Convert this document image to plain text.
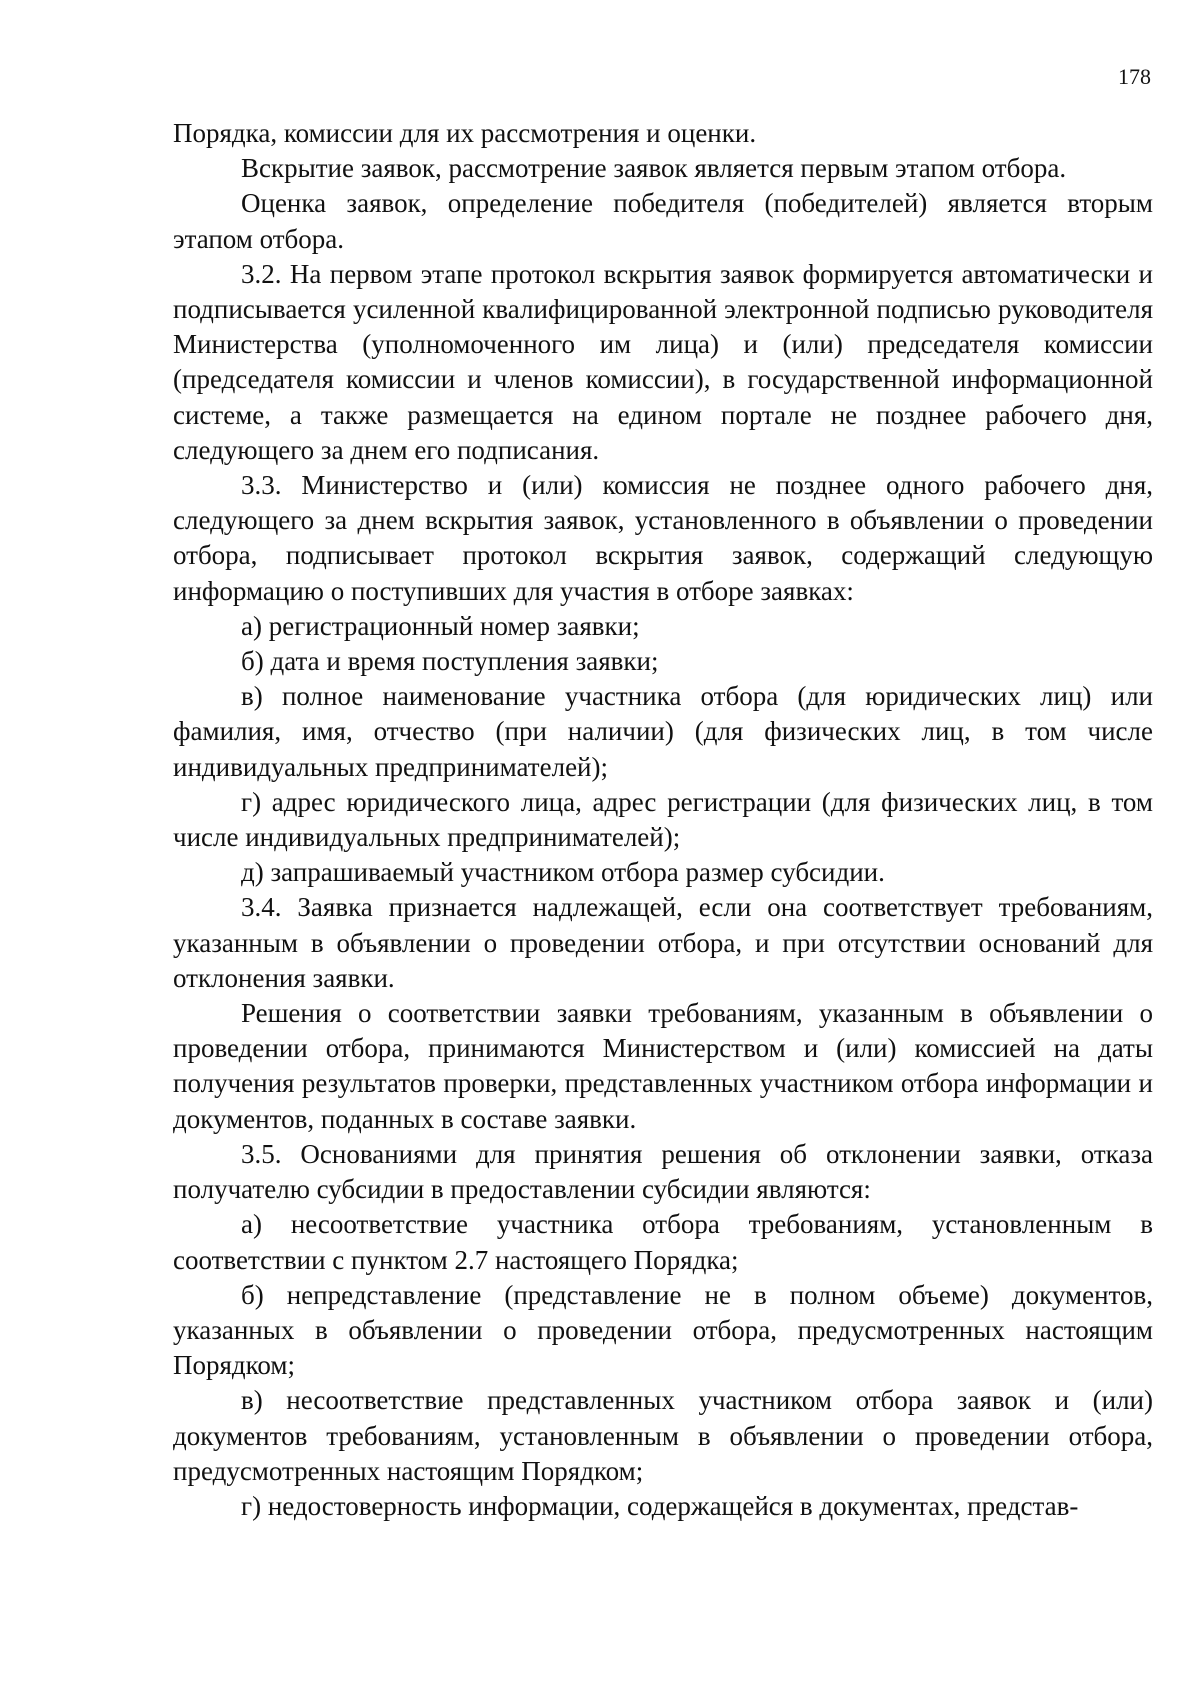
178

Порядка, комиссии для их рассмотрения и оценки.

Вскрытие заявок, рассмотрение заявок является первым этапом отбора.

Оценка заявок, определение победителя (победителей) является вторым этапом отбора.

3.2. На первом этапе протокол вскрытия заявок формируется автоматически и подписывается усиленной квалифицированной электронной подписью руководителя Министерства (уполномоченного им лица) и (или) председателя комиссии (председателя комиссии и членов комиссии), в государственной информационной системе, а также размещается на едином портале не позднее рабочего дня, следующего за днем его подписания.

3.3. Министерство и (или) комиссия не позднее одного рабочего дня, следующего за днем вскрытия заявок, установленного в объявлении о проведении отбора, подписывает протокол вскрытия заявок, содержащий следующую информацию о поступивших для участия в отборе заявках:

а) регистрационный номер заявки;

б) дата и время поступления заявки;

в) полное наименование участника отбора (для юридических лиц) или фамилия, имя, отчество (при наличии) (для физических лиц, в том числе индивидуальных предпринимателей);

г) адрес юридического лица, адрес регистрации (для физических лиц, в том числе индивидуальных предпринимателей);

д) запрашиваемый участником отбора размер субсидии.

3.4. Заявка признается надлежащей, если она соответствует требованиям, указанным в объявлении о проведении отбора, и при отсутствии оснований для отклонения заявки.

Решения о соответствии заявки требованиям, указанным в объявлении о проведении отбора, принимаются Министерством и (или) комиссией на даты получения результатов проверки, представленных участником отбора информации и документов, поданных в составе заявки.

3.5. Основаниями для принятия решения об отклонении заявки, отказа получателю субсидии в предоставлении субсидии являются:

а) несоответствие участника отбора требованиям, установленным в соответствии с пунктом 2.7 настоящего Порядка;

б) непредставление (представление не в полном объеме) документов, указанных в объявлении о проведении отбора, предусмотренных настоящим Порядком;

в) несоответствие представленных участником отбора заявок и (или) документов требованиям, установленным в объявлении о проведении отбора, предусмотренных настоящим Порядком;

г) недостоверность информации, содержащейся в документах, представ-
